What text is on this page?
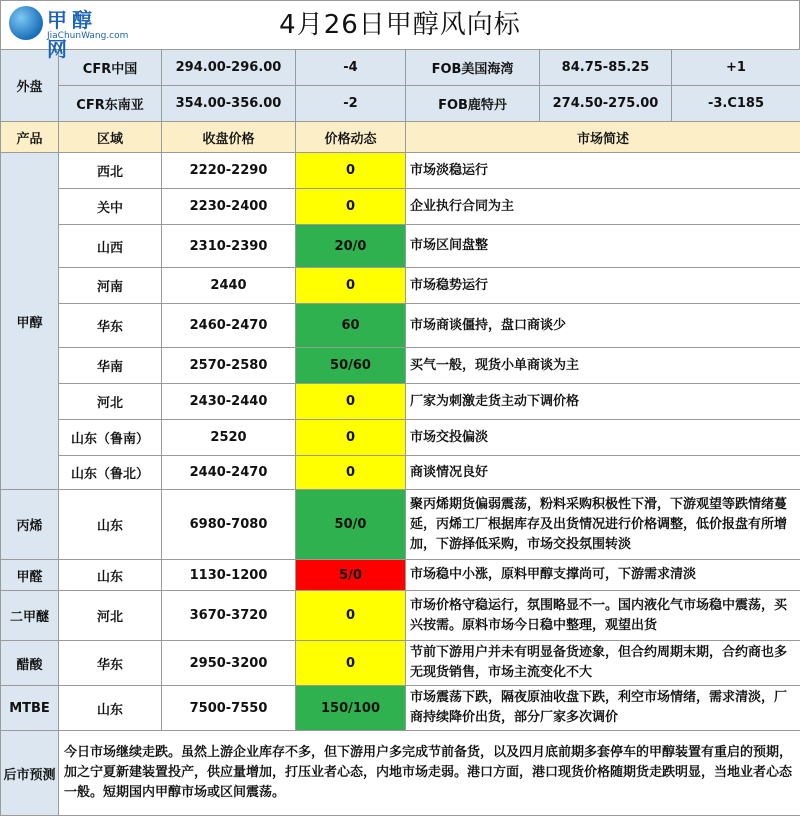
甲醇网
JiaChunWang.com	4月26日甲醇风向标
外盘	CFR中国	294.00-296.00	-4	FOB美国海湾	84.75-85.25	+1
	CFR东南亚	354.00-356.00	-2	FOB鹿特丹	274.50-275.00	-3.C185
产品	区域	收盘价格	价格动态	市场简述		
甲醇	西北	2220-2290	0	市场淡稳运行		
	关中	2230-2400	0	企业执行合同为主		
	山西	2310-2390	20/0	市场区间盘整		
	河南	2440	0	市场稳势运行		
	华东	2460-2470	60	市场商谈僵持，盘口商谈少		
	华南	2570-2580	50/60	买气一般，现货小单商谈为主		
	河北	2430-2440	0	厂家为刺激走货主动下调价格		
	山东（鲁南）	2520	0	市场交投偏淡		
	山东（鲁北）	2440-2470	0	商谈情况良好		
丙烯	山东	6980-7080	50/0	聚丙烯期货偏弱震荡，粉料采购积极性下滑，下游观望等跌情绪蔓延，丙烯工厂根据库存及出货情况进行价格调整，低价报盘有所增加，下游择低采购，市场交投氛围转淡		
甲醛	山东	1130-1200	5/0	市场稳中小涨，原料甲醇支撑尚可，下游需求清淡		
二甲醚	河北	3670-3720	0	市场价格守稳运行，氛围略显不一。国内液化气市场稳中震荡，买兴按需。原料市场今日稳中整理，观望出货		
醋酸	华东	2950-3200	0	节前下游用户并未有明显备货迹象，但合约周期末期，合约商也多无现货销售，市场主流变化不大		
MTBE	山东	7500-7550	150/100	市场震荡下跌，隔夜原油收盘下跌，利空市场情绪，需求清淡，厂商持续降价出货，部分厂家多次调价		
后市预测	今日市场继续走跌。虽然上游企业库存不多，但下游用户多完成节前备货，以及四月底前期多套停车的甲醇装置有重启的预期，加之宁夏新建装置投产，供应量增加，打压业者心态，内地市场走弱。港口方面，港口现货价格随期货走跌明显，当地业者心态一般。短期国内甲醇市场或区间震荡。					
